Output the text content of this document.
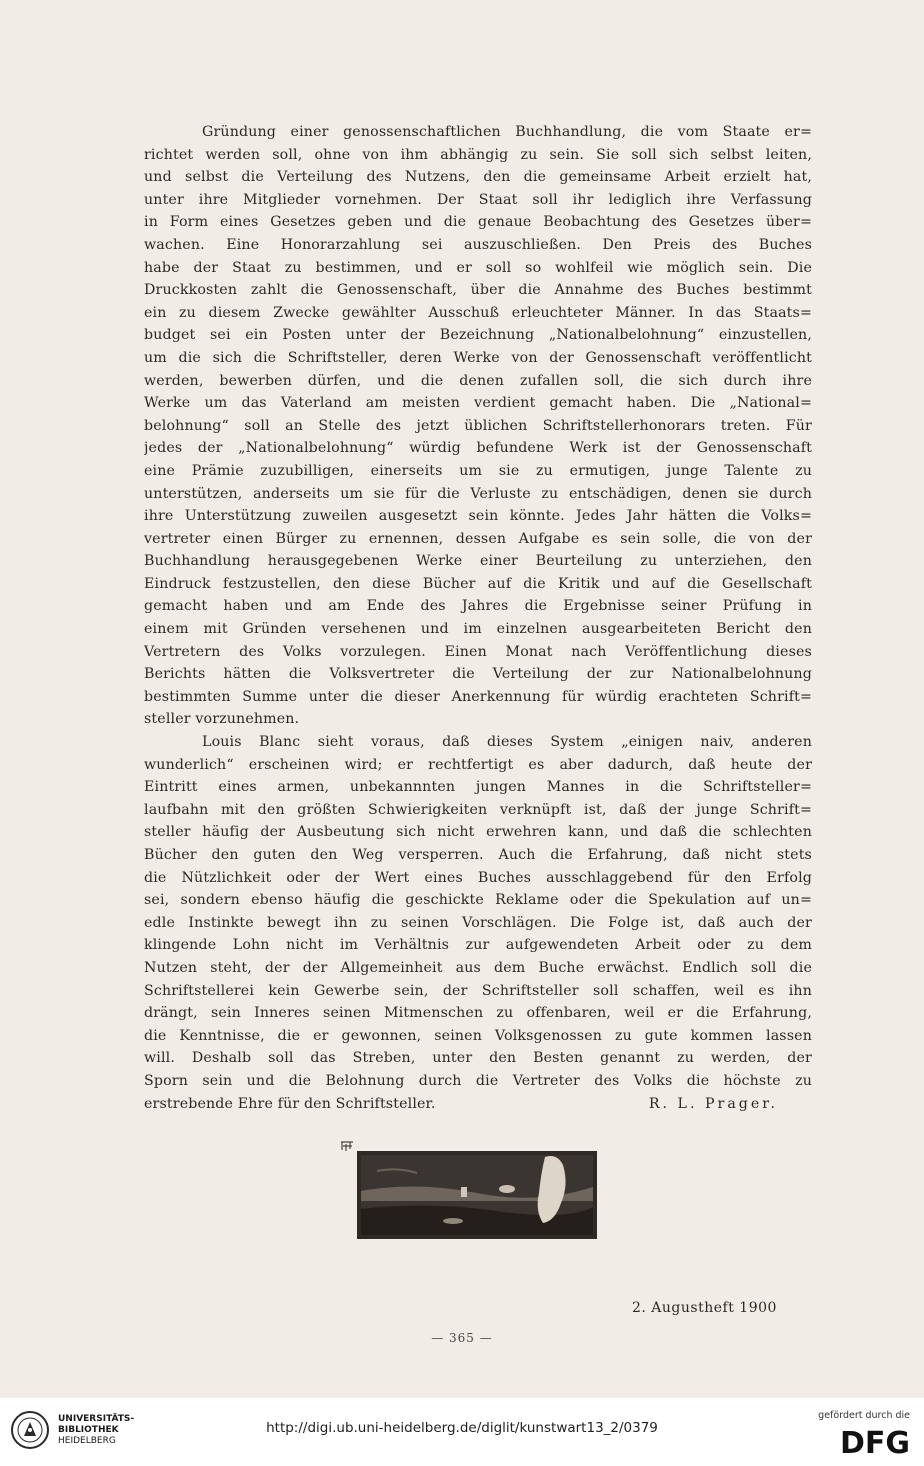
Gründung einer genossenschaftlichen Buchhandlung, die vom Staate er=
richtet werden soll, ohne von ihm abhängig zu sein. Sie soll sich selbst leiten,
und selbst die Verteilung des Nutzens, den die gemeinsame Arbeit erzielt hat,
unter ihre Mitglieder vornehmen. Der Staat soll ihr lediglich ihre Verfassung
in Form eines Gesetzes geben und die genaue Beobachtung des Gesetzes über=
wachen. Eine Honorarzahlung sei auszuschließen. Den Preis des Buches
habe der Staat zu bestimmen, und er soll so wohlfeil wie möglich sein. Die
Druckkosten zahlt die Genossenschaft, über die Annahme des Buches bestimmt
ein zu diesem Zwecke gewählter Ausschuß erleuchteter Männer. In das Staats=
budget sei ein Posten unter der Bezeichnung „Nationalbelohnung“ einzustellen,
um die sich die Schriftsteller, deren Werke von der Genossenschaft veröffentlicht
werden, bewerben dürfen, und die denen zufallen soll, die sich durch ihre
Werke um das Vaterland am meisten verdient gemacht haben. Die „National=
belohnung“ soll an Stelle des jetzt üblichen Schriftstellerhonorars treten. Für
jedes der „Nationalbelohnung“ würdig befundene Werk ist der Genossenschaft
eine Prämie zuzubilligen, einerseits um sie zu ermutigen, junge Talente zu
unterstützen, anderseits um sie für die Verluste zu entschädigen, denen sie durch
ihre Unterstützung zuweilen ausgesetzt sein könnte. Jedes Jahr hätten die Volks=
vertreter einen Bürger zu ernennen, dessen Aufgabe es sein solle, die von der
Buchhandlung herausgegebenen Werke einer Beurteilung zu unterziehen, den
Eindruck festzustellen, den diese Bücher auf die Kritik und auf die Gesellschaft
gemacht haben und am Ende des Jahres die Ergebnisse seiner Prüfung in
einem mit Gründen versehenen und im einzelnen ausgearbeiteten Bericht den
Vertretern des Volks vorzulegen. Einen Monat nach Veröffentlichung dieses
Berichts hätten die Volksvertreter die Verteilung der zur Nationalbelohnung
bestimmten Summe unter die dieser Anerkennung für würdig erachteten Schrift=
steller vorzunehmen.
Louis Blanc sieht voraus, daß dieses System „einigen naiv, anderen
wunderlich“ erscheinen wird; er rechtfertigt es aber dadurch, daß heute der
Eintritt eines armen, unbekannnten jungen Mannes in die Schriftsteller=
laufbahn mit den größten Schwierigkeiten verknüpft ist, daß der junge Schrift=
steller häufig der Ausbeutung sich nicht erwehren kann, und daß die schlechten
Bücher den guten den Weg versperren. Auch die Erfahrung, daß nicht stets
die Nützlichkeit oder der Wert eines Buches ausschlaggebend für den Erfolg
sei, sondern ebenso häufig die geschickte Reklame oder die Spekulation auf un=
edle Instinkte bewegt ihn zu seinen Vorschlägen. Die Folge ist, daß auch der
klingende Lohn nicht im Verhältnis zur aufgewendeten Arbeit oder zu dem
Nutzen steht, der der Allgemeinheit aus dem Buche erwächst. Endlich soll die
Schriftstellerei kein Gewerbe sein, der Schriftsteller soll schaffen, weil es ihn
drängt, sein Inneres seinen Mitmenschen zu offenbaren, weil er die Erfahrung,
die Kenntnisse, die er gewonnen, seinen Volksgenossen zu gute kommen lassen
will. Deshalb soll das Streben, unter den Besten genannt zu werden, der
Sporn sein und die Belohnung durch die Vertreter des Volks die höchste zu
erstrebende Ehre für den Schriftsteller.	R. L. Prager.
2. Augustheft 1900
— 365 —
UNIVERSITÄTS-
BIBLIOTHEK
HEIDELBERG
http://digi.ub.uni-heidelberg.de/diglit/kunstwart13_2/0379
gefördert durch die
DFG
